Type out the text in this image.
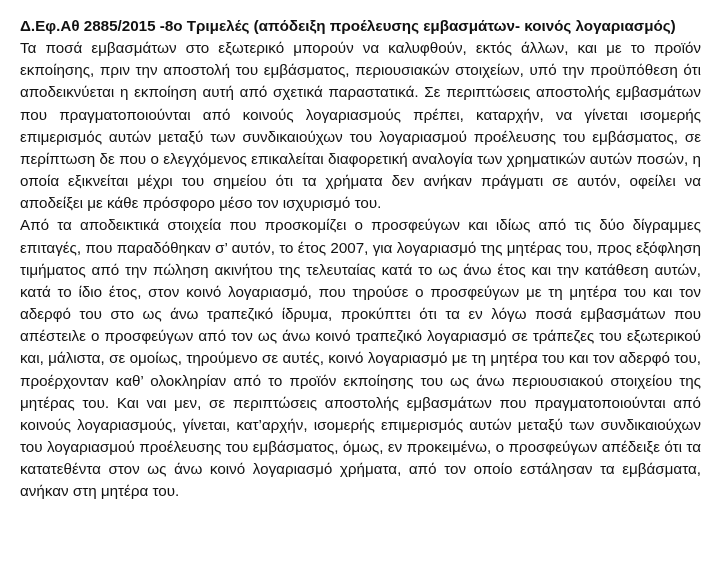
Δ.Εφ.Αθ 2885/2015 -8ο Τριμελές (απόδειξη προέλευσης εμβασμάτων- κοινός λογαριασμός)

Τα ποσά εμβασμάτων στο εξωτερικό μπορούν να καλυφθούν, εκτός άλλων, και με το προϊόν εκποίησης, πριν την αποστολή του εμβάσματος, περιουσιακών στοιχείων, υπό την προϋπόθεση ότι αποδεικνύεται η εκποίηση αυτή από σχετικά παραστατικά. Σε περιπτώσεις αποστολής εμβασμάτων που πραγματοποιούνται από κοινούς λογαριασμούς πρέπει, καταρχήν, να γίνεται ισομερής επιμερισμός αυτών μεταξύ των συνδικαιούχων του λογαριασμού προέλευσης του εμβάσματος, σε περίπτωση δε που ο ελεγχόμενος επικαλείται διαφορετική αναλογία των χρηματικών αυτών ποσών, η οποία εξικνείται μέχρι του σημείου ότι τα χρήματα δεν ανήκαν πράγματι σε αυτόν, οφείλει να αποδείξει με κάθε πρόσφορο μέσο τον ισχυρισμό του.

Από τα αποδεικτικά στοιχεία που προσκομίζει ο προσφεύγων και ιδίως από τις δύο δίγραμμες επιταγές, που παραδόθηκαν σ’ αυτόν, το έτος 2007, για λογαριασμό της μητέρας του, προς εξόφληση τιμήματος από την πώληση ακινήτου της τελευταίας κατά το ως άνω έτος και την κατάθεση αυτών, κατά το ίδιο έτος, στον κοινό λογαριασμό, που τηρούσε ο προσφεύγων με τη μητέρα του και τον αδερφό του στο ως άνω τραπεζικό ίδρυμα, προκύπτει ότι τα εν λόγω ποσά εμβασμάτων που απέστειλε ο προσφεύγων από τον ως άνω κοινό τραπεζικό λογαριασμό σε τράπεζες του εξωτερικού και, μάλιστα, σε ομοίως, τηρούμενο σε αυτές, κοινό λογαριασμό με τη μητέρα του και τον αδερφό του, προέρχονταν καθ’ ολοκληρίαν από το προϊόν εκποίησης του ως άνω περιουσιακού στοιχείου της μητέρας του. Και ναι μεν, σε περιπτώσεις αποστολής εμβασμάτων που πραγματοποιούνται από κοινούς λογαριασμούς, γίνεται, κατ’αρχήν, ισομερής επιμερισμός αυτών μεταξύ των συνδικαιούχων του λογαριασμού προέλευσης του εμβάσματος, όμως, εν προκειμένω, ο προσφεύγων απέδειξε ότι τα κατατεθέντα στον ως άνω κοινό λογαριασμό χρήματα, από τον οποίο εστάλησαν τα εμβάσματα, ανήκαν στη μητέρα του.
